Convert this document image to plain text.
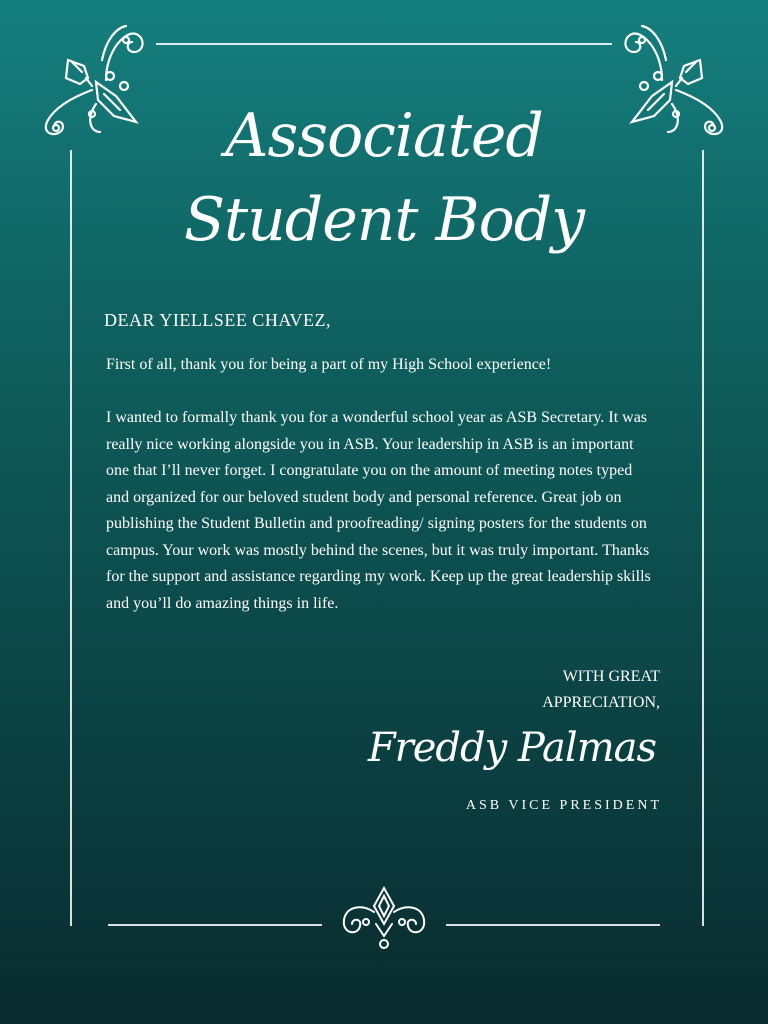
Associated Student Body
DEAR YIELLSEE CHAVEZ,

First of all, thank you for being a part of my High School experience!

I wanted to formally thank you for a wonderful school year as ASB Secretary. It was really nice working alongside you in ASB. Your leadership in ASB is an important one that I’ll never forget. I congratulate you on the amount of meeting notes typed and organized for our beloved student body and personal reference. Great job on publishing the Student Bulletin and proofreading/ signing posters for the students on campus. Your work was mostly behind the scenes, but it was truly important. Thanks for the support and assistance regarding my work. Keep up the great leadership skills and you’ll do amazing things in life.

WITH GREAT APPRECIATION,
Freddy Palmas
ASB VICE PRESIDENT
